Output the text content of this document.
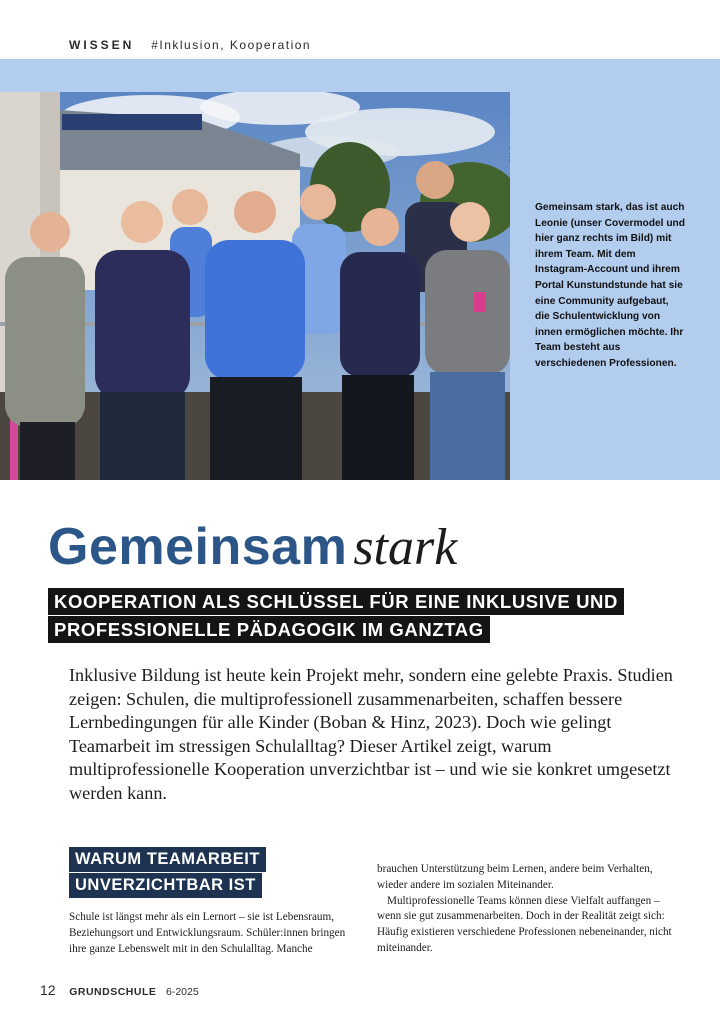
WISSEN #Inklusion, Kooperation
Gemeinsam stark, das ist auch Leonie (unser Covermodel und hier ganz rechts im Bild) mit ihrem Team. Mit dem Instagram-Account und ihrem Portal Kunstundstunde hat sie eine Community aufgebaut, die Schulentwicklung von innen ermöglichen möchte. Ihr Team besteht aus verschiedenen Professionen.
Gemeinsam stark
KOOPERATION ALS SCHLÜSSEL FÜR EINE INKLUSIVE UND
PROFESSIONELLE PÄDAGOGIK IM GANZTAG
Inklusive Bildung ist heute kein Projekt mehr, sondern eine gelebte Praxis. Studien zeigen: Schulen, die multiprofessionell zusammenarbeiten, schaffen bessere Lernbedingungen für alle Kinder (Boban & Hinz, 2023). Doch wie gelingt Teamarbeit im stressigen Schulalltag? Dieser Artikel zeigt, warum multiprofessionelle Kooperation unverzichtbar ist – und wie sie konkret umgesetzt werden kann.
WARUM TEAMARBEIT
UNVERZICHTBAR IST

Schule ist längst mehr als ein Lernort – sie ist Lebensraum, Beziehungsort und Entwicklungsraum. Schüler:innen bringen ihre ganze Lebenswelt mit in den Schulalltag. Manche

brauchen Unterstützung beim Lernen, andere beim Verhalten, wieder andere im sozialen Miteinander.

Multiprofessionelle Teams können diese Vielfalt auffangen – wenn sie gut zusammenarbeiten. Doch in der Realität zeigt sich: Häufig existieren verschiedene Professionen nebeneinander, nicht miteinander.

12 GRUNDSCHULE 6-2025
